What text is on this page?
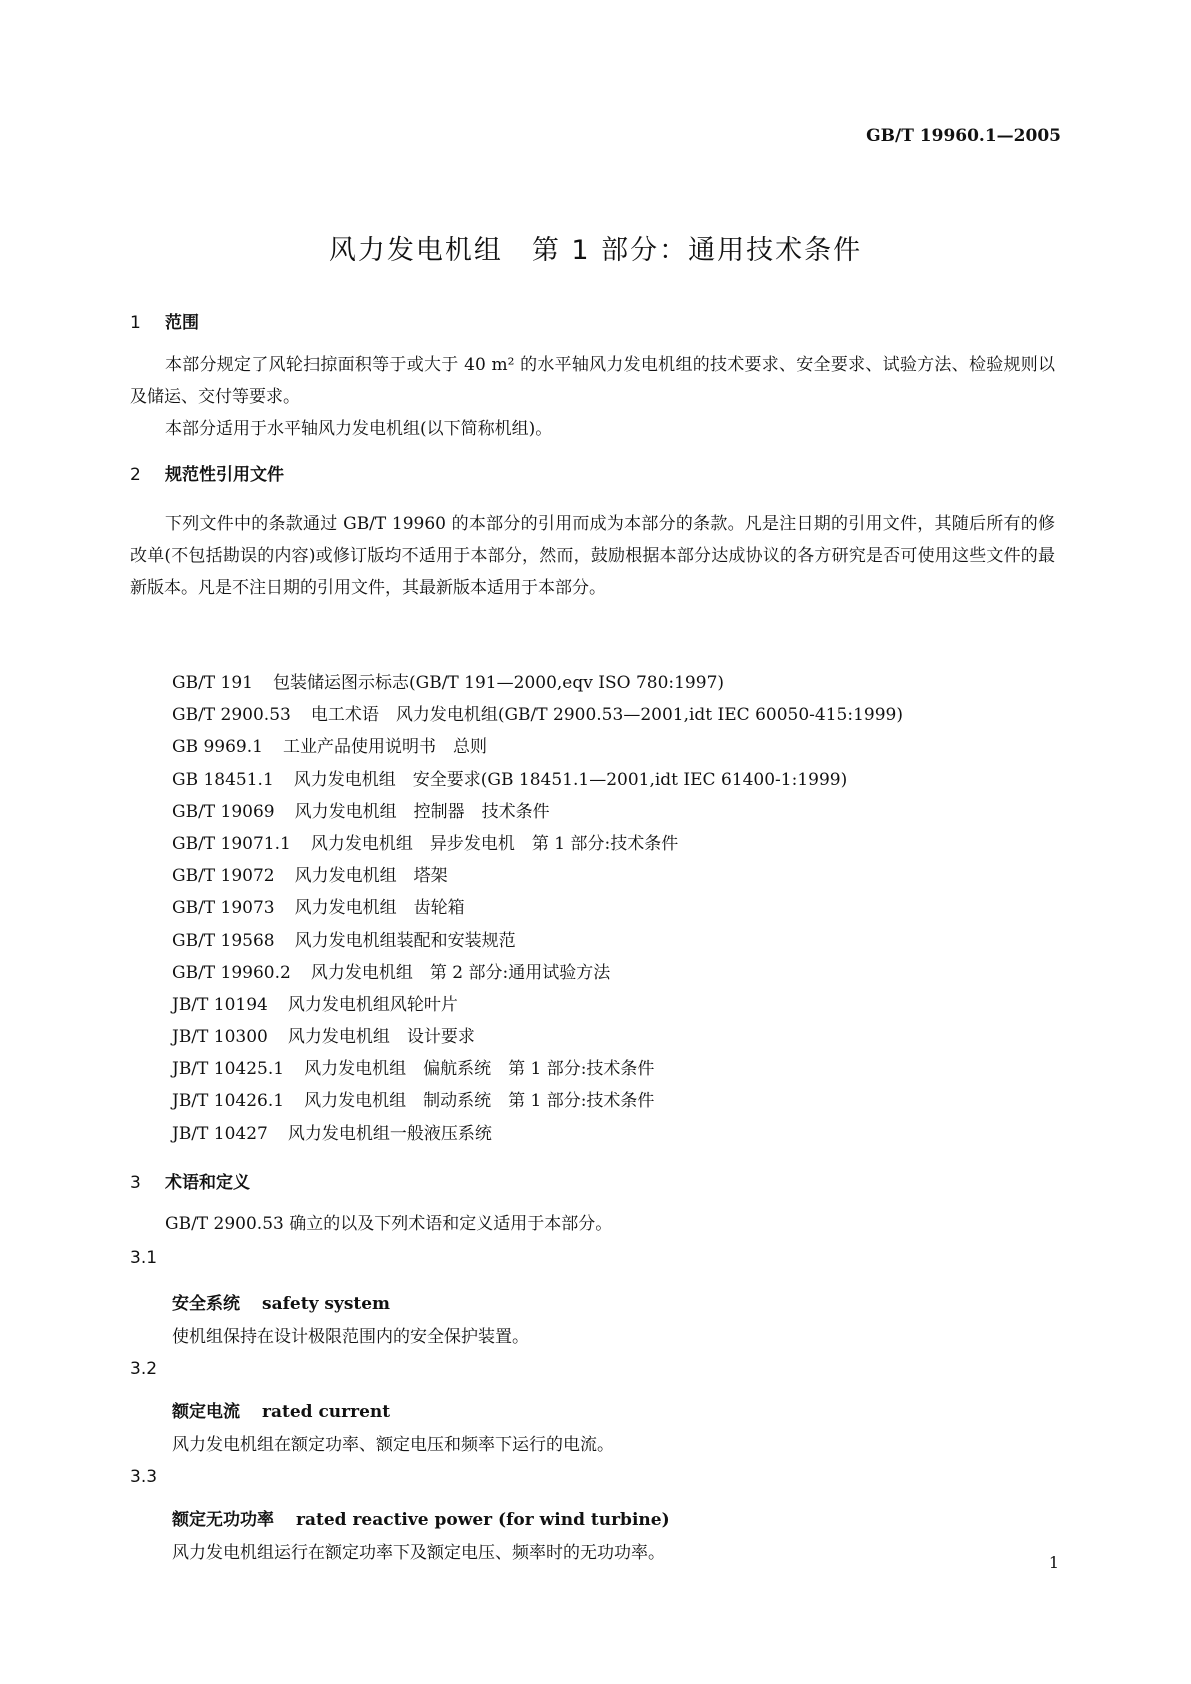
GB/T 19960.1—2005
风力发电机组　第 1 部分：通用技术条件
1 范围
本部分规定了风轮扫掠面积等于或大于 40 m² 的水平轴风力发电机组的技术要求、安全要求、试验方法、检验规则以及储运、交付等要求。
本部分适用于水平轴风力发电机组(以下简称机组)。
2 规范性引用文件
下列文件中的条款通过 GB/T 19960 的本部分的引用而成为本部分的条款。凡是注日期的引用文件，其随后所有的修改单(不包括勘误的内容)或修订版均不适用于本部分，然而，鼓励根据本部分达成协议的各方研究是否可使用这些文件的最新版本。凡是不注日期的引用文件，其最新版本适用于本部分。
GB/T 191 包装储运图示标志(GB/T 191—2000,eqv ISO 780:1997)
GB/T 2900.53 电工术语　风力发电机组(GB/T 2900.53—2001,idt IEC 60050-415:1999)
GB 9969.1 工业产品使用说明书　总则
GB 18451.1 风力发电机组　安全要求(GB 18451.1—2001,idt IEC 61400-1:1999)
GB/T 19069 风力发电机组　控制器　技术条件
GB/T 19071.1 风力发电机组　异步发电机　第 1 部分:技术条件
GB/T 19072 风力发电机组　塔架
GB/T 19073 风力发电机组　齿轮箱
GB/T 19568 风力发电机组装配和安装规范
GB/T 19960.2 风力发电机组　第 2 部分:通用试验方法
JB/T 10194 风力发电机组风轮叶片
JB/T 10300 风力发电机组　设计要求
JB/T 10425.1 风力发电机组　偏航系统　第 1 部分:技术条件
JB/T 10426.1 风力发电机组　制动系统　第 1 部分:技术条件
JB/T 10427 风力发电机组一般液压系统
3 术语和定义
GB/T 2900.53 确立的以及下列术语和定义适用于本部分。
3.1
安全系统 safety system
使机组保持在设计极限范围内的安全保护装置。
3.2
额定电流 rated current
风力发电机组在额定功率、额定电压和频率下运行的电流。
3.3
额定无功功率 rated reactive power (for wind turbine)
风力发电机组运行在额定功率下及额定电压、频率时的无功功率。	1
